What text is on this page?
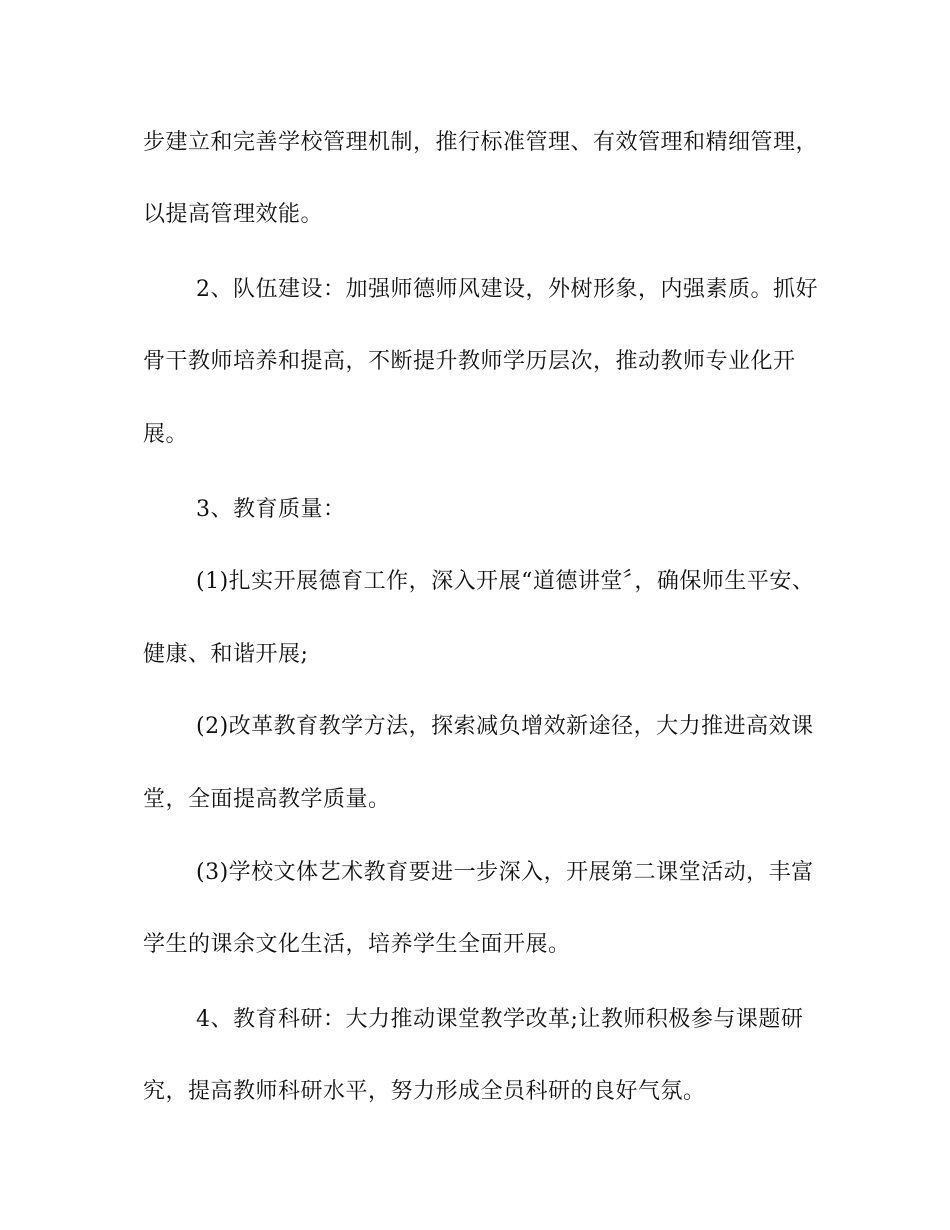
步建立和完善学校管理机制，推行标准管理、有效管理和精细管理，
以提高管理效能。
2、队伍建设：加强师德师风建设，外树形象，内强素质。抓好
骨干教师培养和提高，不断提升教师学历层次，推动教师专业化开
展。
3、教育质量：
(1)扎实开展德育工作，深入开展“道德讲堂〞，确保师生平安、
健康、和谐开展;
(2)改革教育教学方法，探索减负增效新途径，大力推进高效课
堂，全面提高教学质量。
(3)学校文体艺术教育要进一步深入，开展第二课堂活动，丰富
学生的课余文化生活，培养学生全面开展。
4、教育科研：大力推动课堂教学改革;让教师积极参与课题研
究，提高教师科研水平，努力形成全员科研的良好气氛。
